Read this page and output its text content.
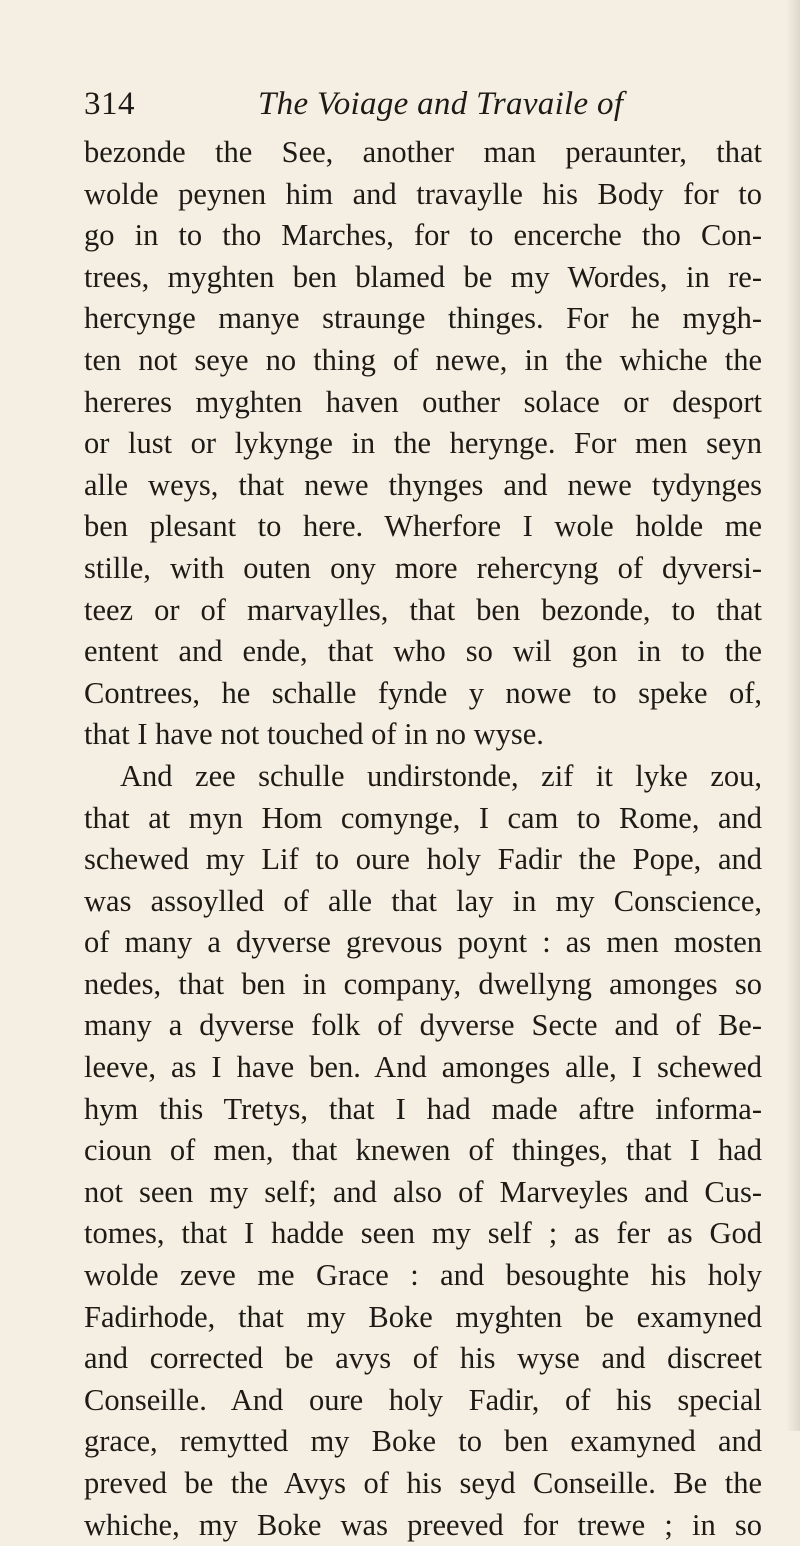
314	The Voiage and Travaile of
bezonde the See, another man peraunter, that
wolde peynen him and travaylle his Body for to
go in to tho Marches, for to encerche tho Con-
trees, myghten ben blamed be my Wordes, in re-
hercynge manye straunge thinges. For he mygh-
ten not seye no thing of newe, in the whiche the
hereres myghten haven outher solace or desport
or lust or lykynge in the herynge. For men seyn
alle weys, that newe thynges and newe tydynges
ben plesant to here. Wherfore I wole holde me
stille, with outen ony more rehercyng of dyversi-
teez or of marvaylles, that ben bezonde, to that
entent and ende, that who so wil gon in to the
Contrees, he schalle fynde y nowe to speke of,
that I have not touched of in no wyse.
And zee schulle undirstonde, zif it lyke zou,
that at myn Hom comynge, I cam to Rome, and
schewed my Lif to oure holy Fadir the Pope, and
was assoylled of alle that lay in my Conscience,
of many a dyverse grevous poynt : as men mosten
nedes, that ben in company, dwellyng amonges so
many a dyverse folk of dyverse Secte and of Be-
leeve, as I have ben. And amonges alle, I schewed
hym this Tretys, that I had made aftre informa-
cioun of men, that knewen of thinges, that I had
not seen my self; and also of Marveyles and Cus-
tomes, that I hadde seen my self ; as fer as God
wolde zeve me Grace : and besoughte his holy
Fadirhode, that my Boke myghten be examyned
and corrected be avys of his wyse and discreet
Conseille. And oure holy Fadir, of his special
grace, remytted my Boke to ben examyned and
preved be the Avys of his seyd Conseille. Be the
whiche, my Boke was preeved for trewe ; in so
